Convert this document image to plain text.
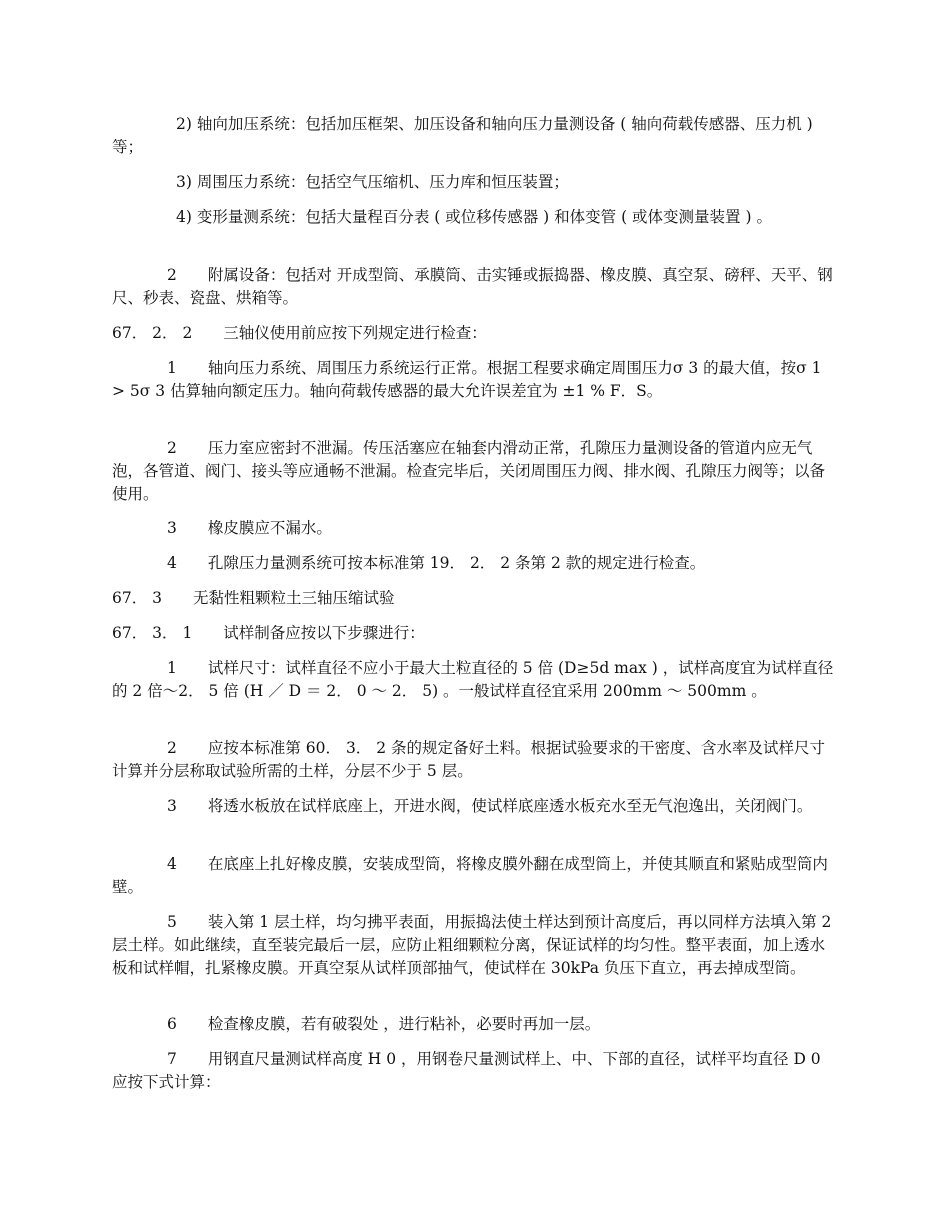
2) 轴向加压系统：包括加压框架、加压设备和轴向压力量测设备 ( 轴向荷载传感器、压力机 ) 等；

3) 周围压力系统：包括空气压缩机、压力库和恒压装置；

4) 变形量测系统：包括大量程百分表 ( 或位移传感器 ) 和体变管 ( 或体变测量装置 ) 。

2　　附属设备：包括对 开成型筒、承膜筒、击实锤或振捣器、橡皮膜、真空泵、磅秤、天平、钢尺、秒表、瓷盘、烘箱等。

67． 2． 2　　三轴仪使用前应按下列规定进行检查：

1　　轴向压力系统、周围压力系统运行正常。根据工程要求确定周围压力σ 3 的最大值，按σ 1 > 5σ 3 估算轴向额定压力。轴向荷载传感器的最大允许误差宜为 ±1 % F．S。

2　　压力室应密封不泄漏。传压活塞应在轴套内滑动正常，孔隙压力量测设备的管道内应无气泡，各管道、阀门、接头等应通畅不泄漏。检查完毕后，关闭周围压力阀、排水阀、孔隙压力阀等；以备使用。

3　　橡皮膜应不漏水。

4　　孔隙压力量测系统可按本标准第 19． 2． 2 条第 2 款的规定进行检查。

67． 3　　无黏性粗颗粒土三轴压缩试验

67． 3． 1　　试样制备应按以下步骤进行：

1　　试样尺寸：试样直径不应小于最大土粒直径的 5 倍 (D≥5d max ) ，试样高度宜为试样直径的 2 倍～2． 5 倍 (H ／ D ＝ 2． 0 ～ 2． 5) 。一般试样直径宜采用 200mm ～ 500mm 。

2　　应按本标准第 60． 3． 2 条的规定备好土料。根据试验要求的干密度、含水率及试样尺寸计算并分层称取试验所需的土样，分层不少于 5 层。

3　　将透水板放在试样底座上，开进水阀，使试样底座透水板充水至无气泡逸出，关闭阀门。

4　　在底座上扎好橡皮膜，安装成型筒，将橡皮膜外翻在成型筒上，并使其顺直和紧贴成型筒内壁。

5　　装入第 1 层土样，均匀拂平表面，用振捣法使土样达到预计高度后，再以同样方法填入第 2 层土样。如此继续，直至装完最后一层，应防止粗细颗粒分离，保证试样的均匀性。整平表面，加上透水板和试样帽，扎紧橡皮膜。开真空泵从试样顶部抽气，使试样在 30kPa 负压下直立，再去掉成型筒。

6　　检查橡皮膜，若有破裂处 ，进行粘补，必要时再加一层。

7　　用钢直尺量测试样高度 H 0 ，用钢卷尺量测试样上、中、下部的直径，试样平均直径 D 0 应按下式计算：
